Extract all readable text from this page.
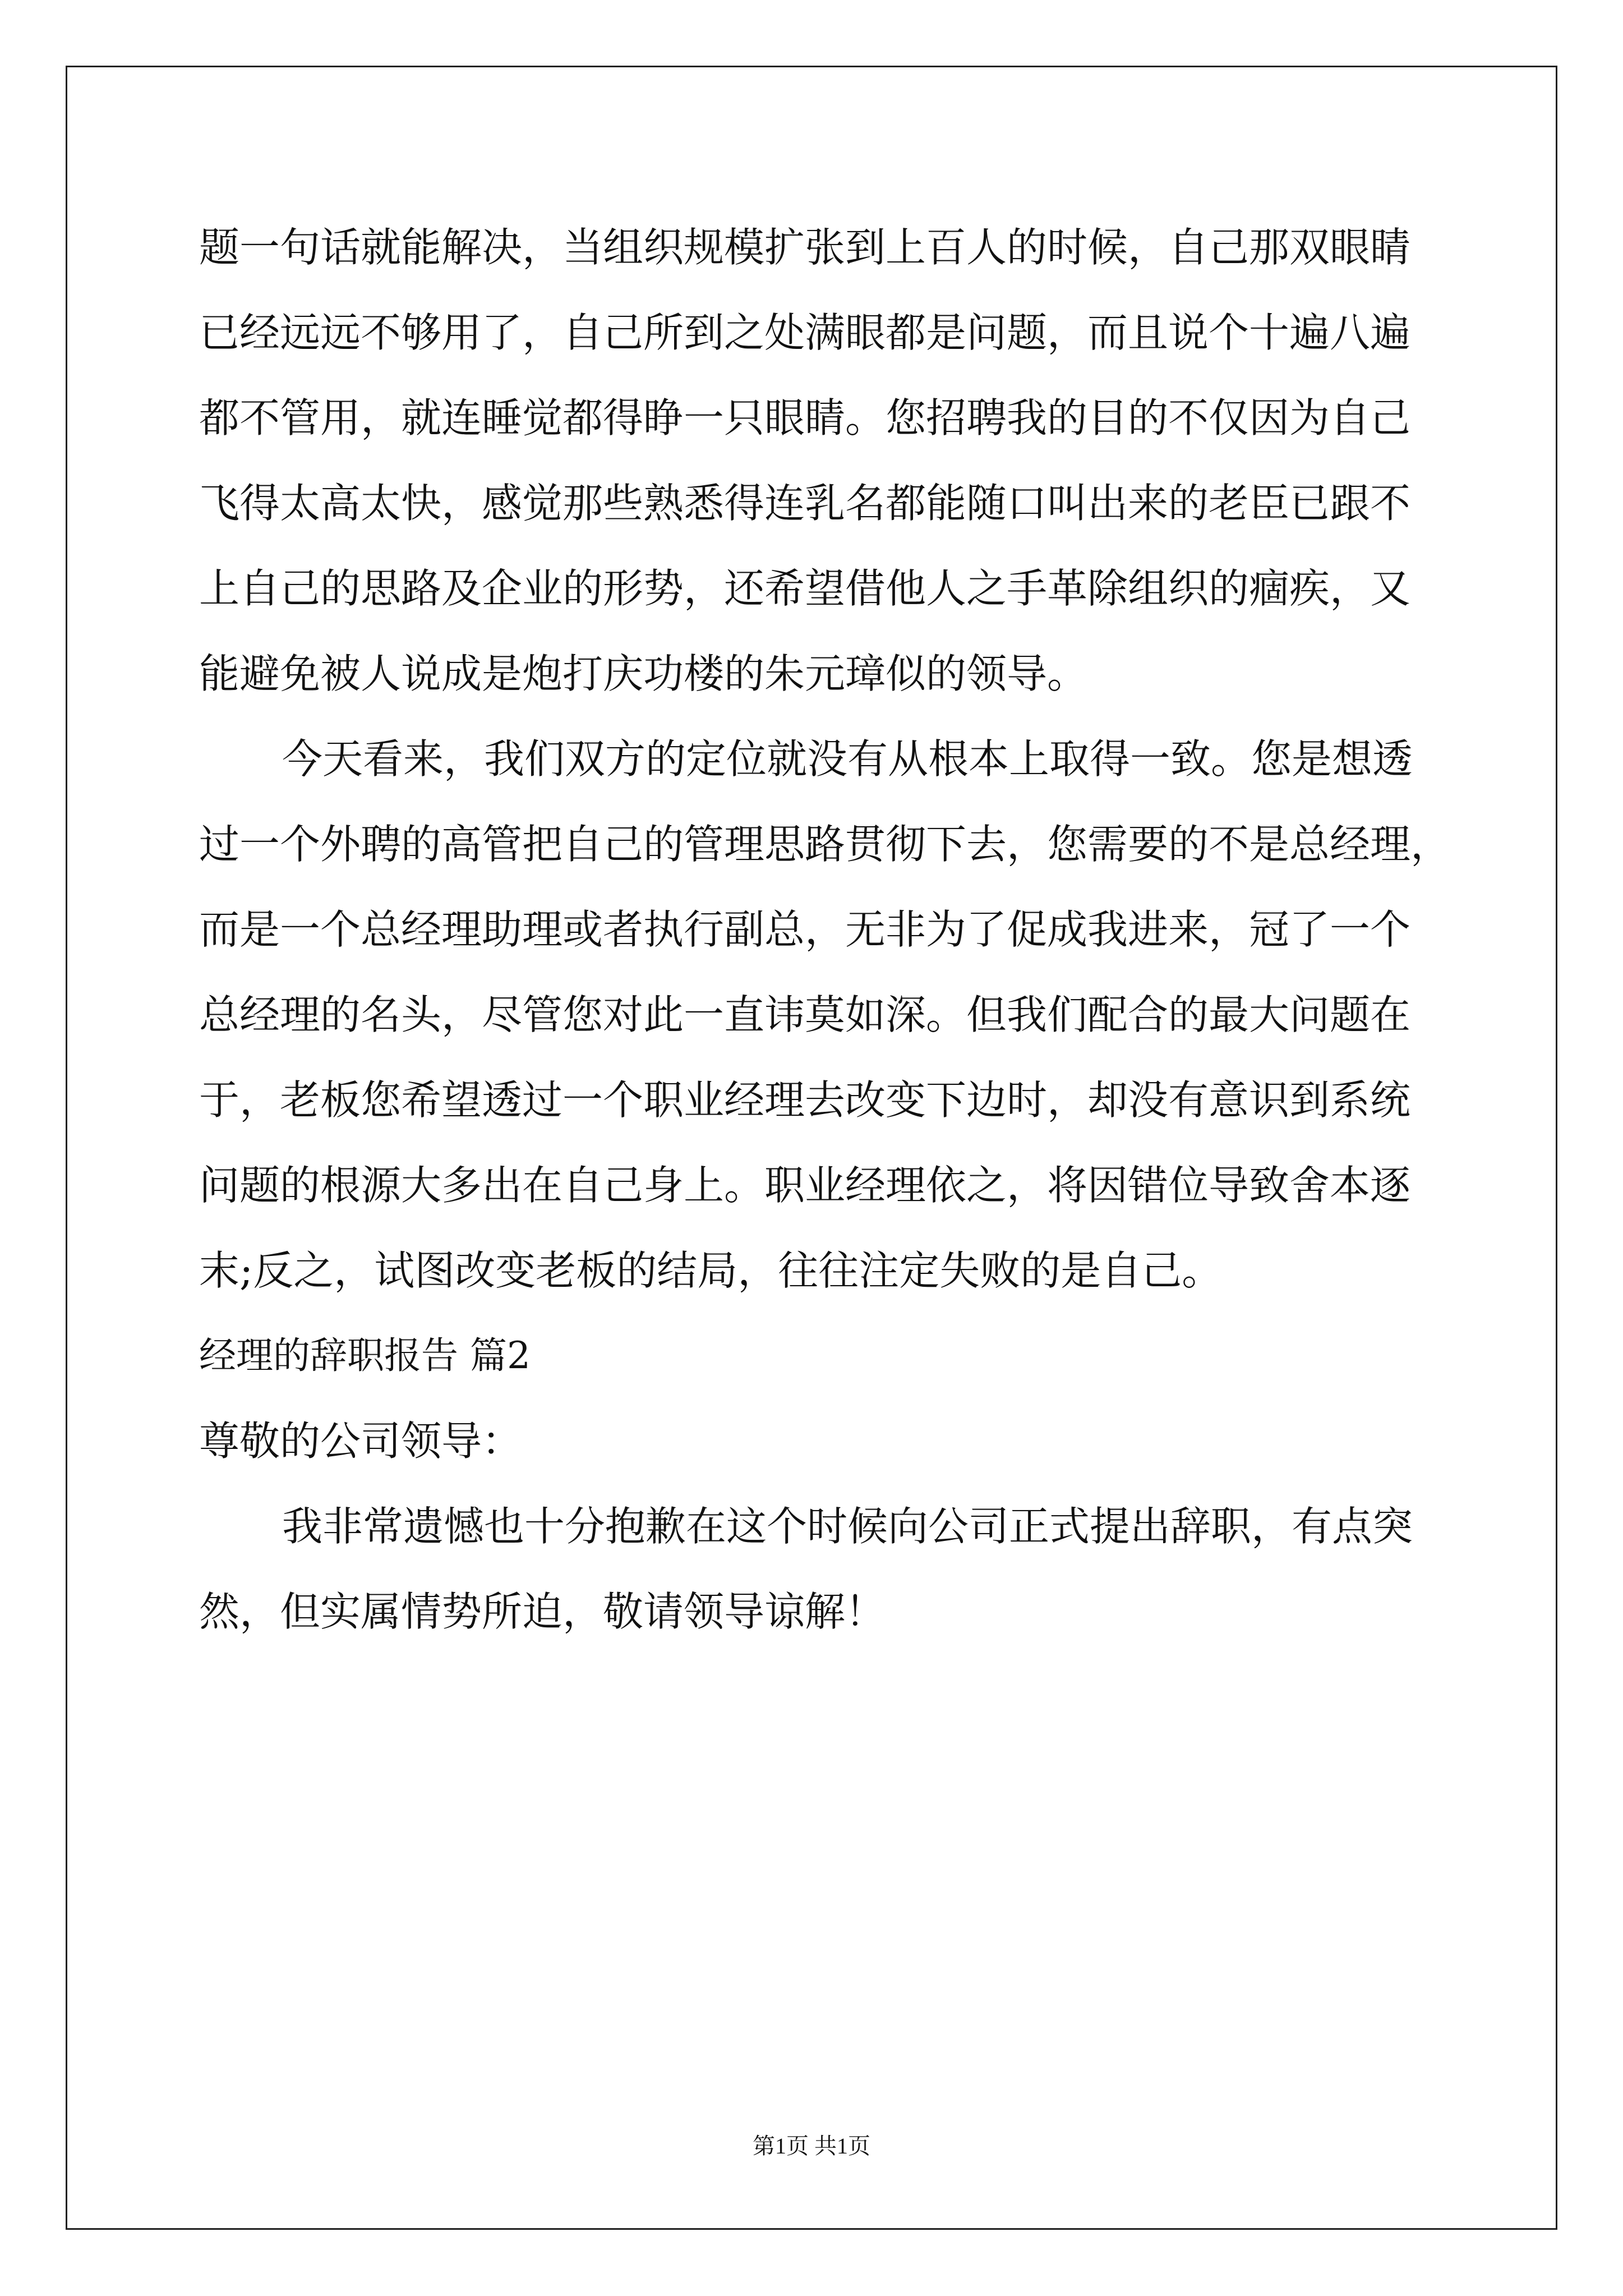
题一句话就能解决，当组织规模扩张到上百人的时候，自己那双眼睛
已经远远不够用了，自己所到之处满眼都是问题，而且说个十遍八遍
都不管用，就连睡觉都得睁一只眼睛。您招聘我的目的不仅因为自己
飞得太高太快，感觉那些熟悉得连乳名都能随口叫出来的老臣已跟不
上自己的思路及企业的形势，还希望借他人之手革除组织的痼疾，又
能避免被人说成是炮打庆功楼的朱元璋似的领导。
今天看来，我们双方的定位就没有从根本上取得一致。您是想透
过一个外聘的高管把自己的管理思路贯彻下去，您需要的不是总经理，
而是一个总经理助理或者执行副总，无非为了促成我进来，冠了一个
总经理的名头，尽管您对此一直讳莫如深。但我们配合的最大问题在
于，老板您希望透过一个职业经理去改变下边时，却没有意识到系统
问题的根源大多出在自己身上。职业经理依之，将因错位导致舍本逐
末;反之，试图改变老板的结局，往往注定失败的是自己。
经理的辞职报告 篇2
尊敬的公司领导：
我非常遗憾也十分抱歉在这个时候向公司正式提出辞职，有点突
然，但实属情势所迫，敬请领导谅解！
第1页 共1页
